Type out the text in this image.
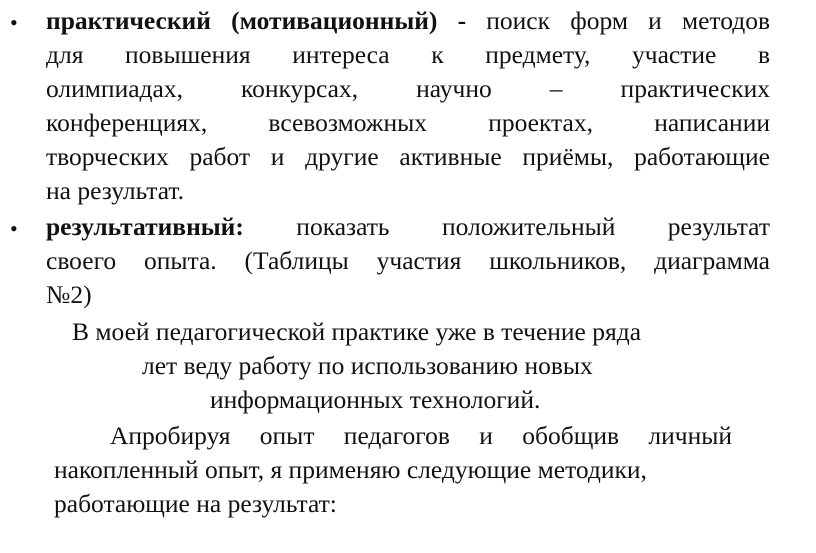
• практический (мотивационный) - поиск форм и методов
для повышения интереса к предмету, участие в
олимпиадах, конкурсах, научно – практических
конференциях, всевозможных проектах, написании
творческих работ и другие активные приёмы, работающие
на результат.
• результативный: показать положительный результат
своего опыта. (Таблицы участия школьников, диаграмма
№2)
В моей педагогической практике уже в течение ряда
лет веду работу по использованию новых
информационных технологий.
Апробируя опыт педагогов и обобщив личный
накопленный опыт, я применяю следующие методики,
работающие на результат:
